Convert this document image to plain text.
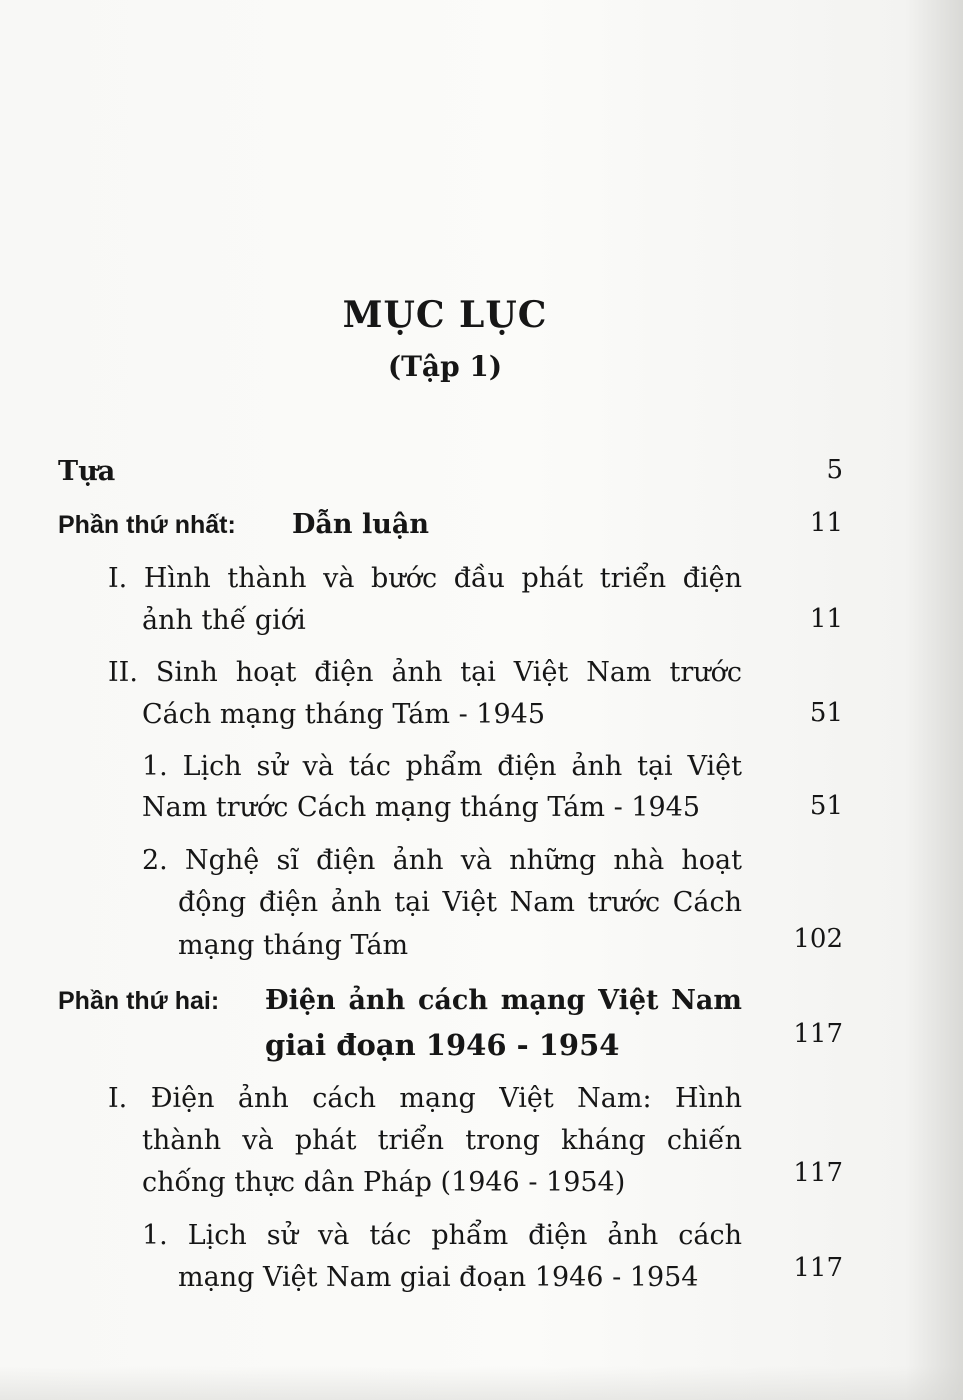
MỤC LỤC
(Tập 1)
Tựa	5
Phần thứ nhất: Dẫn luận	11
I. Hình thành và bước đầu phát triển điện
ảnh thế giới	11
II. Sinh hoạt điện ảnh tại Việt Nam trước
Cách mạng tháng Tám - 1945	51
1. Lịch sử và tác phẩm điện ảnh tại Việt
Nam trước Cách mạng tháng Tám - 1945	51
2. Nghệ sĩ điện ảnh và những nhà hoạt
động điện ảnh tại Việt Nam trước Cách
mạng tháng Tám	102
Phần thứ hai: Điện ảnh cách mạng Việt Nam
giai đoạn 1946 - 1954	117
I. Điện ảnh cách mạng Việt Nam: Hình
thành và phát triển trong kháng chiến
chống thực dân Pháp (1946 - 1954)	117
1. Lịch sử và tác phẩm điện ảnh cách
mạng Việt Nam giai đoạn 1946 - 1954	117
